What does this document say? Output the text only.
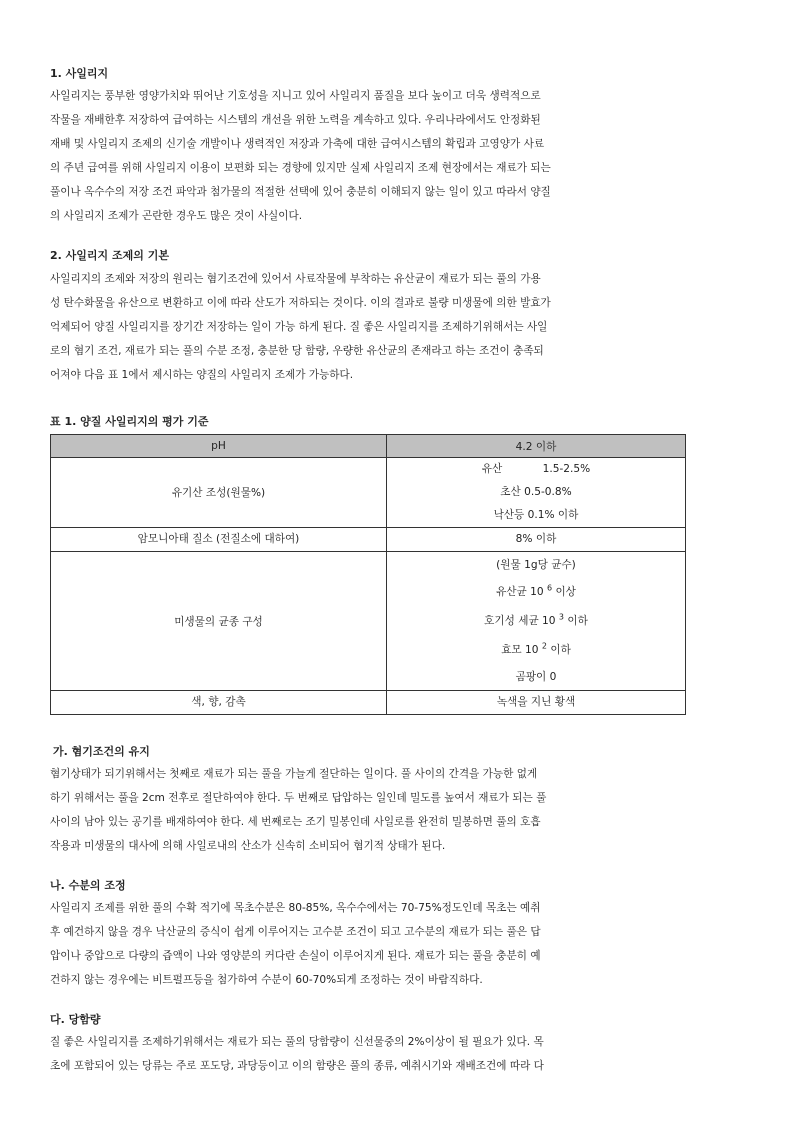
1. 사일리지
사일리지는 풍부한 영양가치와 뛰어난 기호성을 지니고 있어 사일리지 품질을 보다 높이고 더욱 생력적으로
작물을 재배한후 저장하여 급여하는 시스템의 개선을 위한 노력을 계속하고 있다. 우리나라에서도 안정화된
재배 및 사일리지 조제의 신기술 개발이나 생력적인 저장과 가축에 대한 급여시스템의 확립과 고영양가 사료
의 주년 급여를 위해 사일리지 이용이 보편화 되는 경향에 있지만 실제 사일리지 조제 현장에서는 재료가 되는
풀이나 옥수수의 저장 조건 파악과 첨가물의 적절한 선택에 있어 충분히 이해되지 않는 일이 있고 따라서 양질
의 사일리지 조제가 곤란한 경우도 많은 것이 사실이다.
2. 사일리지 조제의 기본
사일리지의 조제와 저장의 원리는 혐기조건에 있어서 사료작물에 부착하는 유산균이 재료가 되는 풀의 가용
성 탄수화물을 유산으로 변환하고 이에 따라 산도가 저하되는 것이다. 이의 결과로 불량 미생물에 의한 발효가
억제되어 양질 사일리지를 장기간 저장하는 일이 가능 하게 된다. 질 좋은 사일리지를 조제하기위해서는 사일
로의 혐기 조건, 재료가 되는 풀의 수분 조정, 충분한 당 함량, 우량한 유산균의 존재라고 하는 조건이 충족되
어져야 다음 표 1에서 제시하는 양질의 사일리지 조제가 가능하다.
표 1. 양질 사일리지의 평가 기준
pH	4.2 이하
유기산 조성(원물%)	유산            1.5-2.5%
초산 0.5-0.8%
낙산등 0.1% 이하

암모니아태 질소 (전질소에 대하여)	8% 이하
미생물의 균종 구성	(원물 1g당 균수)
유산균 10 $^6$ 이상
호기성 세균 10 $^3$ 이하
효모 10 $^2$ 이하
곰팡이 0

색, 향, 감촉	녹색을 지닌 황색
가. 혐기조건의 유지
혐기상태가 되기위해서는 첫째로 재료가 되는 풀을 가늘게 절단하는 일이다. 풀 사이의 간격을 가능한 없게
하기 위해서는 풀을 2cm 전후로 절단하여야 한다. 두 번째로 답압하는 일인데 밀도를 높여서 재료가 되는 풀
사이의 남아 있는 공기를 배재하여야 한다. 세 번째로는 조기 밀봉인데 사일로를 완전히 밀봉하면 풀의 호흡
작용과 미생물의 대사에 의해 사일로내의 산소가 신속히 소비되어 혐기적 상태가 된다.
나. 수분의 조정
사일리지 조제를 위한 풀의 수확 적기에 목초수분은 80-85%, 옥수수에서는 70-75%정도인데 목초는 예취
후 예건하지 않을 경우 낙산균의 증식이 쉽게 이루어지는 고수분 조건이 되고 고수분의 재료가 되는 풀은 답
압이나 중압으로 다량의 즙액이 나와 영양분의 커다란 손실이 이루어지게 된다. 재료가 되는 풀을 충분히 예
건하지 않는 경우에는 비트펄프등을 첨가하여 수분이 60-70%되게 조정하는 것이 바람직하다.
다. 당함량
질 좋은 사일리지를 조제하기위해서는 재료가 되는 풀의 당함량이 신선물중의 2%이상이 될 필요가 있다. 목
초에 포함되어 있는 당류는 주로 포도당, 과당등이고 이의 함량은 풀의 종류, 예취시기와 재배조건에 따라 다
